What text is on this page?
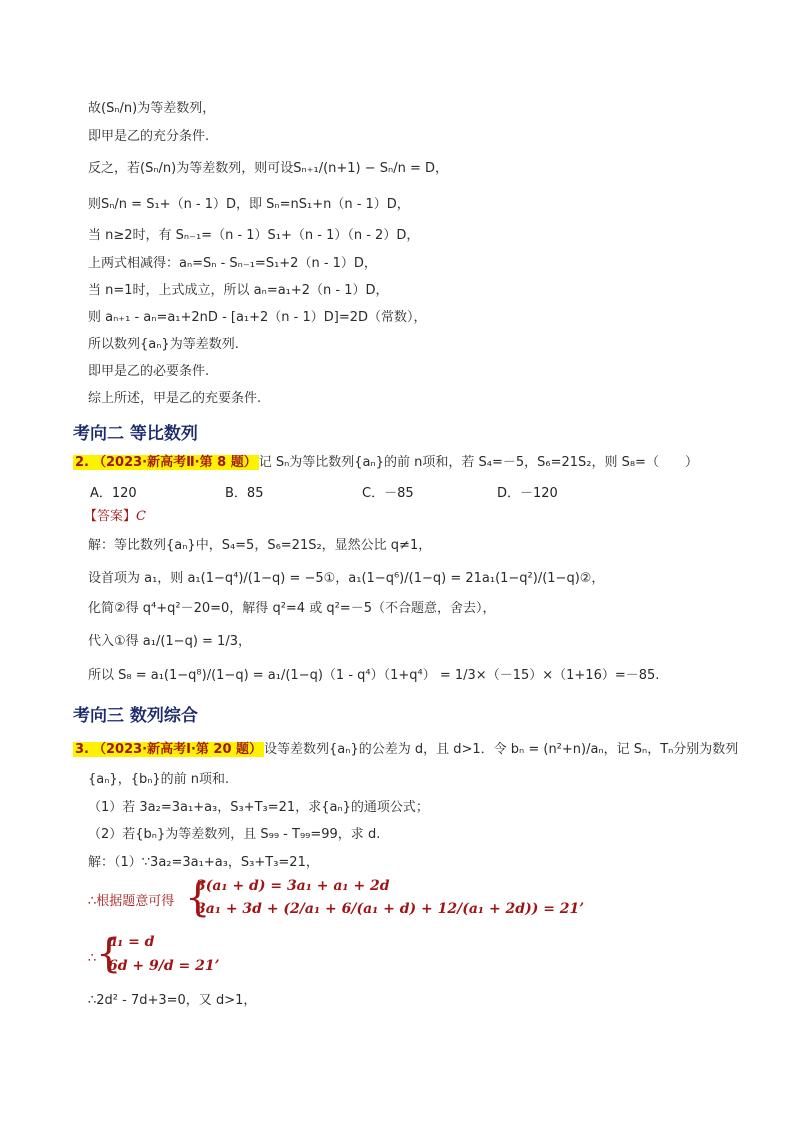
故(Sₙ/n)为等差数列，
即甲是乙的充分条件.
反之，若(Sₙ/n)为等差数列，则可设Sₙ₊₁/(n+1) − Sₙ/n = D，
则Sₙ/n = S₁+（n - 1）D，即 Sₙ=nS₁+n（n - 1）D，
当 n≥2时，有 Sₙ₋₁=（n - 1）S₁+（n - 1）（n - 2）D，
上两式相减得：aₙ=Sₙ - Sₙ₋₁=S₁+2（n - 1）D，
当 n=1时，上式成立，所以 aₙ=a₁+2（n - 1）D，
则 aₙ₊₁ - aₙ=a₁+2nD - [a₁+2（n - 1）D]=2D（常数），
所以数列{aₙ}为等差数列.
即甲是乙的必要条件.
综上所述，甲是乙的充要条件.
考向二 等比数列
2. （2023·新高考Ⅱ·第 8 题） 记 Sₙ为等比数列{aₙ}的前 n项和，若 S₄=－5，S₆=21S₂，则 S₈=（　　）
A．120	B．85	C．－85	D．－120
【答案】C
解：等比数列{aₙ}中，S₄=5，S₆=21S₂，显然公比 q≠1，
设首项为 a₁，则 a₁(1−q⁴)/(1−q) = −5①，a₁(1−q⁶)/(1−q) = 21a₁(1−q²)/(1−q)②，
化简②得 q⁴+q²－20=0，解得 q²=4 或 q²=－5（不合题意，舍去），
代入①得 a₁/(1−q) = 1/3，
所以 S₈ = a₁(1−q⁸)/(1−q) = a₁/(1−q)（1 - q⁴）（1+q⁴） = 1/3×（－15）×（1+16）=－85.
考向三 数列综合
3. （2023·新高考Ⅰ·第 20 题） 设等差数列{aₙ}的公差为 d，且 d>1．令 bₙ = (n²+n)/aₙ，记 Sₙ，Tₙ分别为数列
{aₙ}，{bₙ}的前 n项和.
（1）若 3a₂=3a₁+a₃，S₃+T₃=21，求{aₙ}的通项公式；
（2）若{bₙ}为等差数列，且 S₉₉ - T₉₉=99，求 d.
解：（1）∵3a₂=3a₁+a₃，S₃+T₃=21，
∴根据题意可得 {
3(a₁ + d) = 3a₁ + a₁ + 2d
3a₁ + 3d + (2/a₁ + 6/(a₁ + d) + 12/(a₁ + 2d)) = 21’
∴ {
a₁ = d
6d + 9/d = 21’
∴2d² - 7d+3=0，又 d>1，
